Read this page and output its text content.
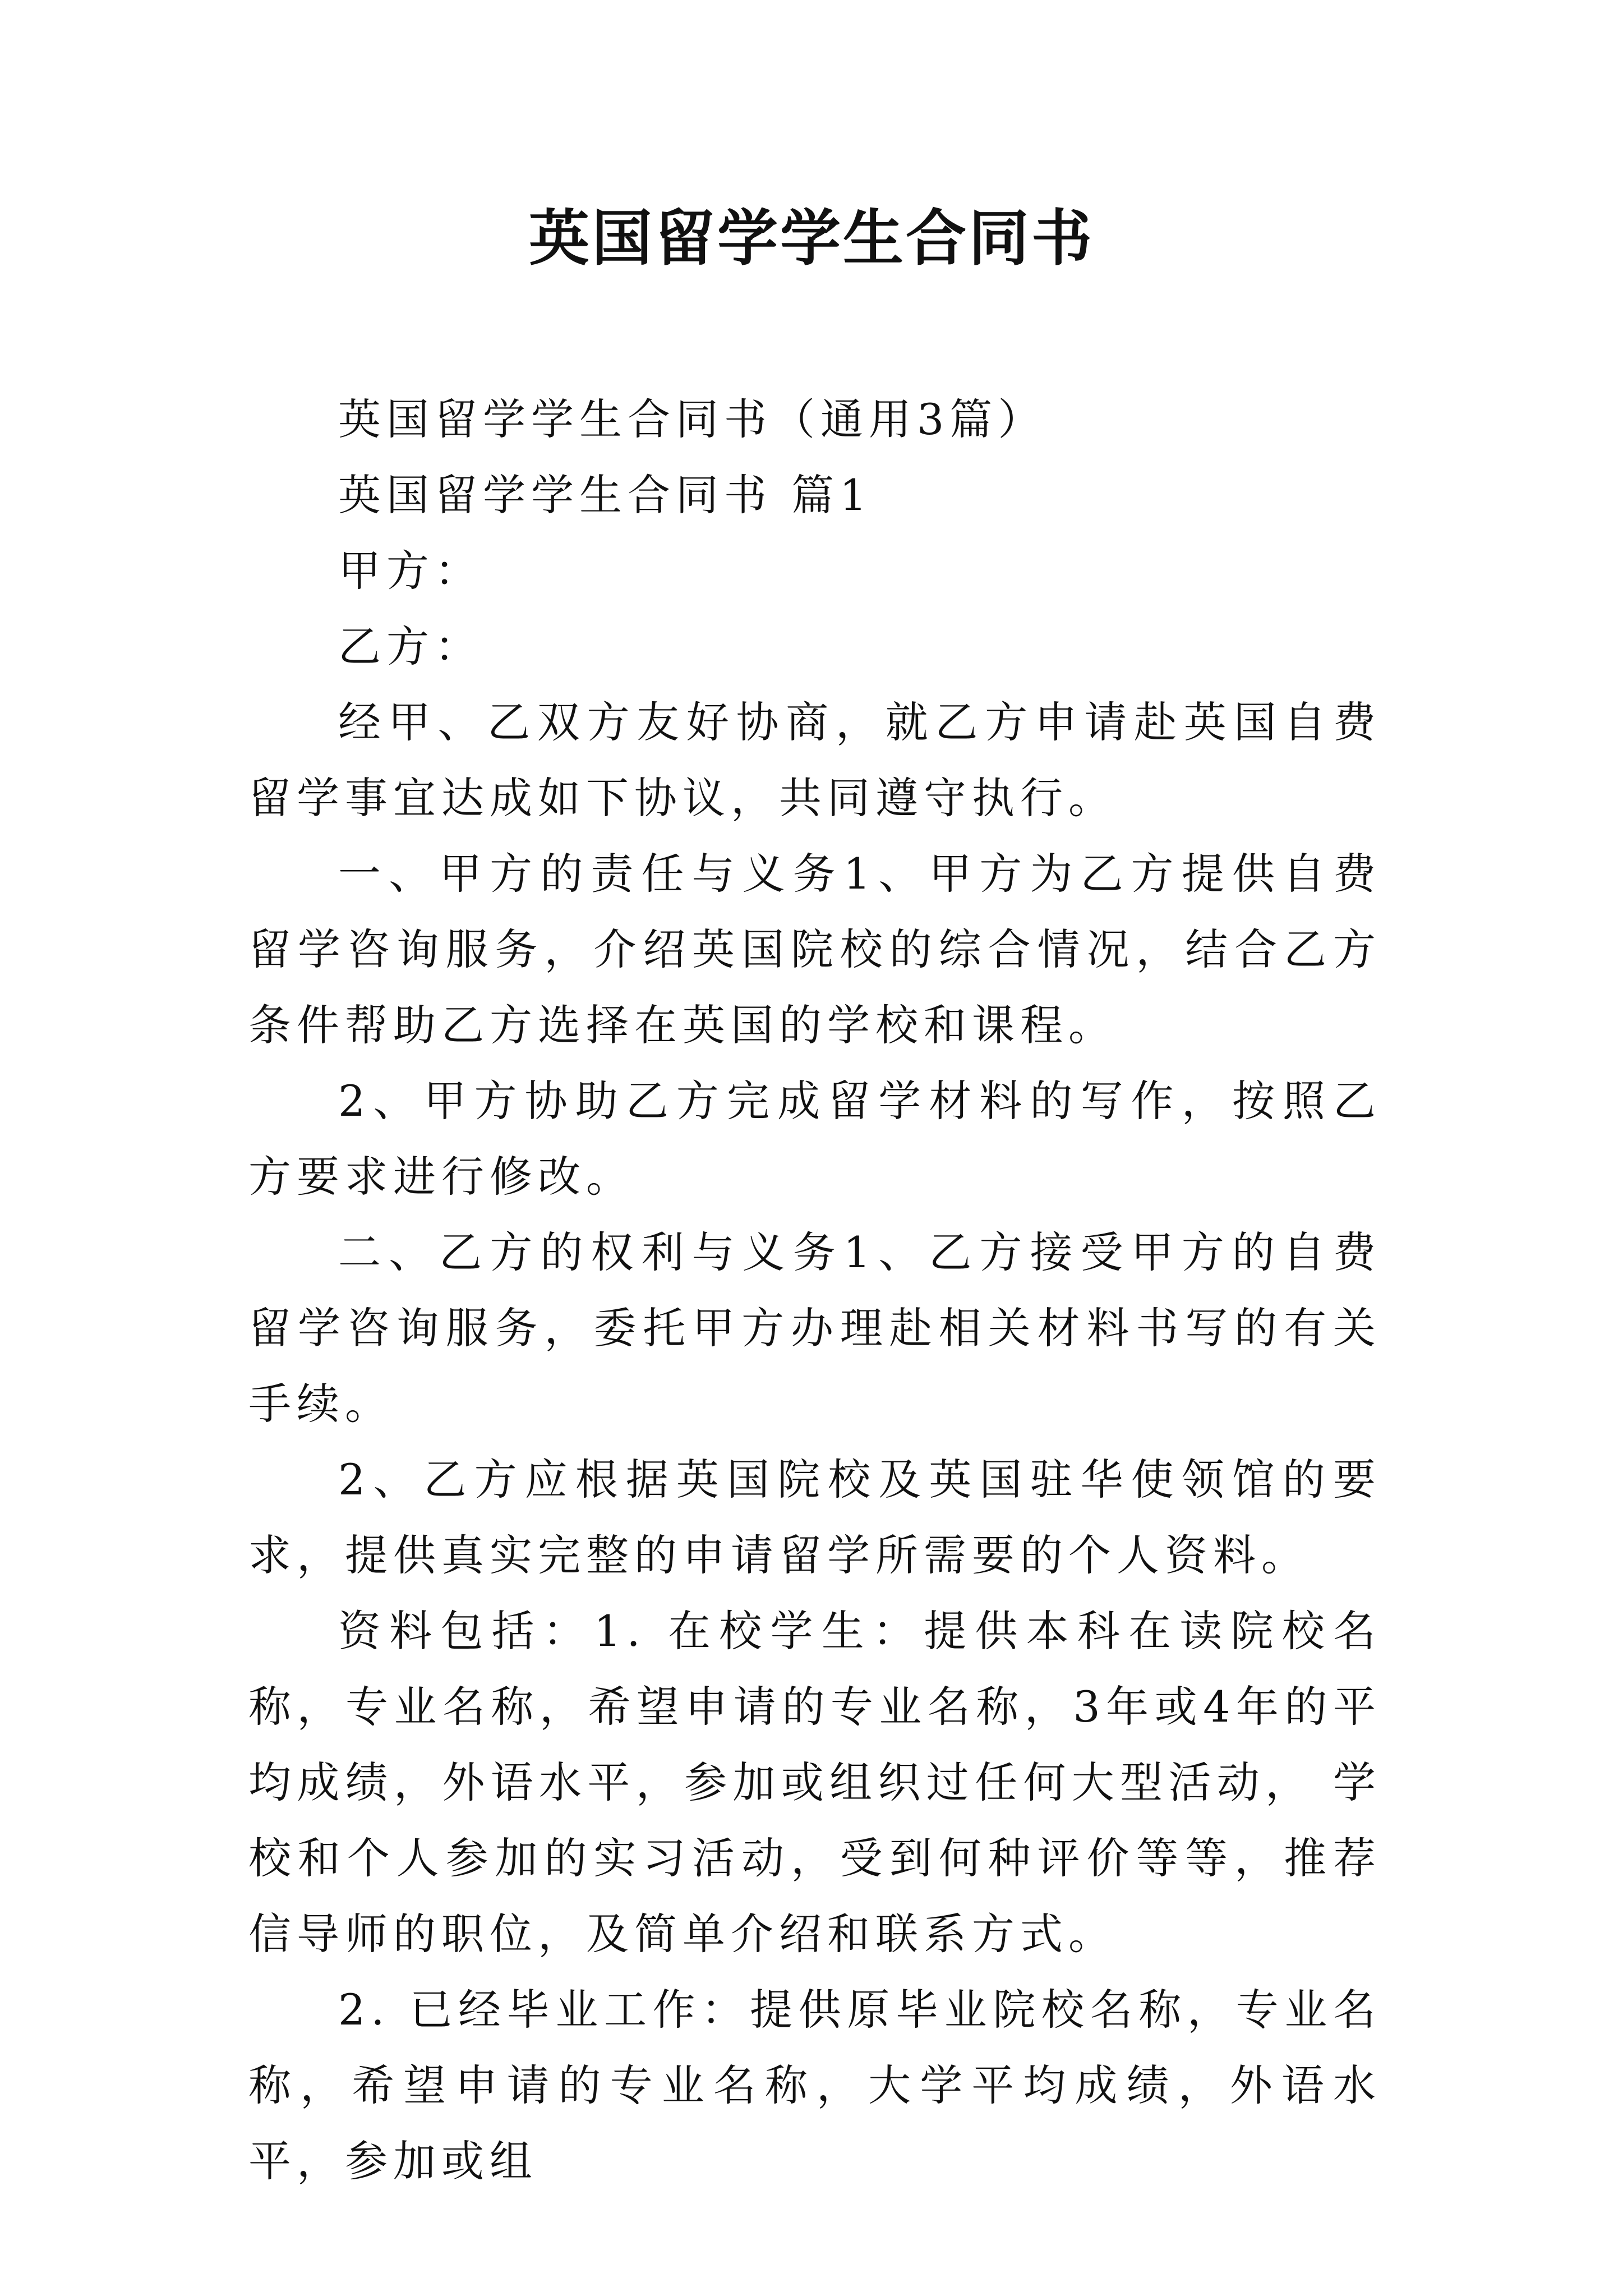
英国留学学生合同书

英国留学学生合同书（通用3篇）

英国留学学生合同书 篇1

甲方：

乙方：

经甲、乙双方友好协商，就乙方申请赴英国自费留学事宜达成如下协议，共同遵守执行。

一、甲方的责任与义务1、甲方为乙方提供自费留学咨询服务，介绍英国院校的综合情况，结合乙方条件帮助乙方选择在英国的学校和课程。

2、甲方协助乙方完成留学材料的写作，按照乙方要求进行修改。

二、乙方的权利与义务1、乙方接受甲方的自费留学咨询服务，委托甲方办理赴相关材料书写的有关手续。

2、乙方应根据英国院校及英国驻华使领馆的要求，提供真实完整的申请留学所需要的个人资料。

资料包括：1. 在校学生：提供本科在读院校名称，专业名称，希望申请的专业名称，3年或4年的平均成绩，外语水平，参加或组织过任何大型活动， 学校和个人参加的实习活动，受到何种评价等等，推荐信导师的职位，及简单介绍和联系方式。

2. 已经毕业工作：提供原毕业院校名称，专业名称，希望申请的专业名称，大学平均成绩，外语水平，参加或组
